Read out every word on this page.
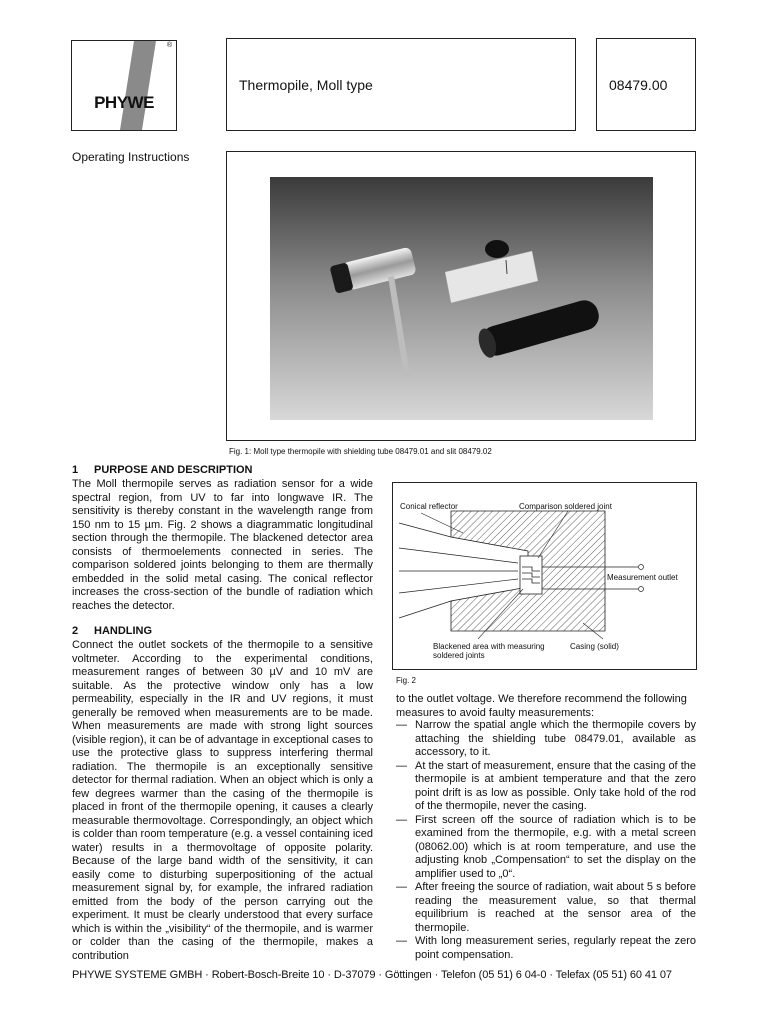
®
PHYWE
Thermopile, Moll type	08479.00
Operating Instructions
Fig. 1: Moll type thermopile with shielding tube 08479.01 and slit 08479.02
1 PURPOSE AND DESCRIPTION
The Moll thermopile serves as radiation sensor for a wide spectral region, from UV to far into longwave IR. The sensitivity is thereby constant in the wavelength range from 150 nm to 15 µm. Fig. 2 shows a diagrammatic longitudinal section through the thermopile. The blackened detector area consists of thermoelements connected in series. The comparison soldered joints belonging to them are thermally embedded in the solid metal casing. The conical reflector increases the cross-section of the bundle of radiation which reaches the detector.
2 HANDLING
Connect the outlet sockets of the thermopile to a sensitive voltmeter. According to the experimental conditions, measurement ranges of between 30 µV and 10 mV are suitable. As the protective window only has a low permeability, especially in the IR and UV regions, it must generally be removed when measurements are to be made. When measurements are made with strong light sources (visible region), it can be of advantage in exceptional cases to use the protective glass to suppress interfering thermal radiation. The thermopile is an exceptionally sensitive detector for thermal radiation. When an object which is only a few degrees warmer than the casing of the thermopile is placed in front of the thermopile opening, it causes a clearly measurable thermovoltage. Correspondingly, an object which is colder than room temperature (e.g. a vessel containing iced water) results in a thermovoltage of opposite polarity. Because of the large band width of the sensitivity, it can easily come to disturbing superpositioning of the actual measurement signal by, for example, the infrared radiation emitted from the body of the person carrying out the experiment. It must be clearly understood that every surface which is within the „visibility“ of the thermopile, and is warmer or colder than the casing of the thermopile, makes a contribution
Conical reflector	Comparison soldered joint
Measurement outlet
Blackened area with measuring soldered joints
Casing (solid)
Fig. 2
to the outlet voltage. We therefore recommend the following measures to avoid faulty measurements:
— Narrow the spatial angle which the thermopile covers by attaching the shielding tube 08479.01, available as accessory, to it.
— At the start of measurement, ensure that the casing of the thermopile is at ambient temperature and that the zero point drift is as low as possible. Only take hold of the rod of the thermopile, never the casing.
— First screen off the source of radiation which is to be examined from the thermopile, e.g. with a metal screen (08062.00) which is at room temperature, and use the adjusting knob „Compensation“ to set the display on the amplifier used to „0“.
— After freeing the source of radiation, wait about 5 s before reading the measurement value, so that thermal equilibrium is reached at the sensor area of the thermopile.
— With long measurement series, regularly repeat the zero point compensation.
PHYWE SYSTEME GMBH · Robert-Bosch-Breite 10 · D-37079 · Göttingen · Telefon (05 51) 6 04-0 · Telefax (05 51) 60 41 07
